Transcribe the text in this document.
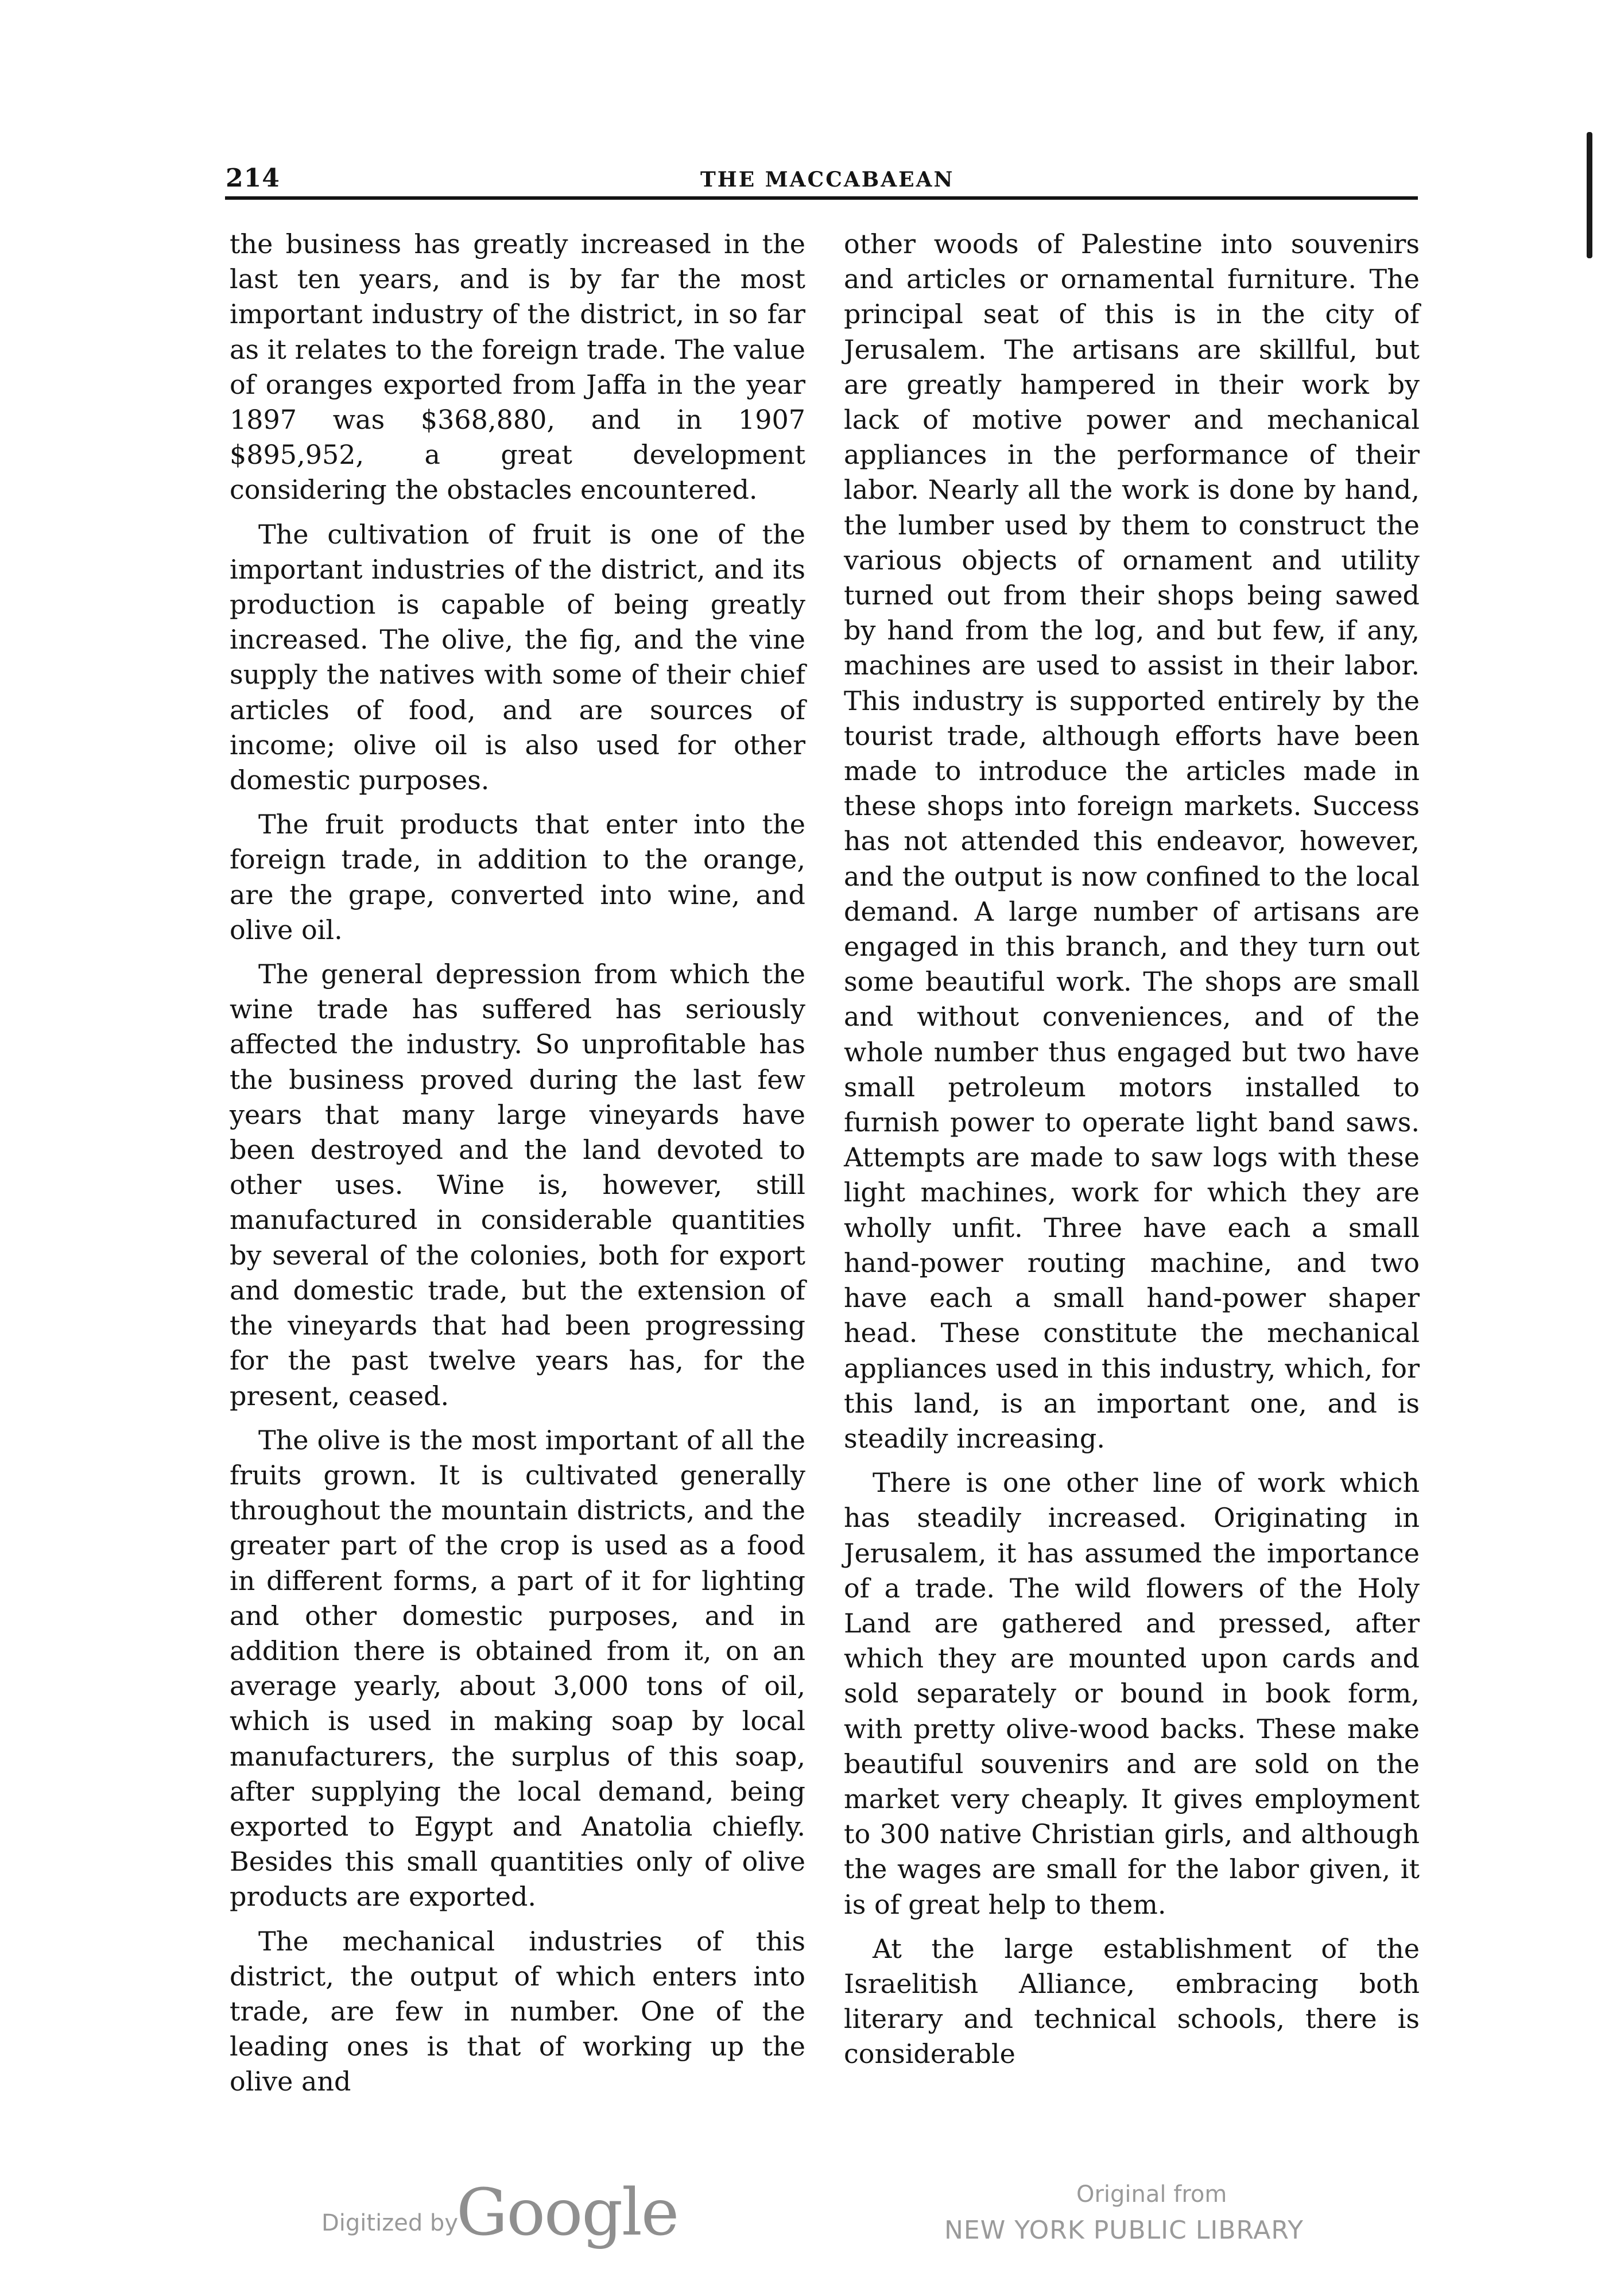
214	THE MACCABAEAN

the business has greatly increased in the last ten years, and is by far the most important industry of the district, in so far as it relates to the foreign trade. The value of oranges exported from Jaffa in the year 1897 was $368,880, and in 1907 $895,952, a great development considering the obstacles encountered.

The cultivation of fruit is one of the important industries of the district, and its production is capable of being greatly increased. The olive, the fig, and the vine supply the natives with some of their chief articles of food, and are sources of income; olive oil is also used for other domestic purposes.

The fruit products that enter into the foreign trade, in addition to the orange, are the grape, converted into wine, and olive oil.

The general depression from which the wine trade has suffered has seriously affected the industry. So unprofitable has the business proved during the last few years that many large vineyards have been destroyed and the land devoted to other uses. Wine is, however, still manufactured in considerable quantities by several of the colonies, both for export and domestic trade, but the extension of the vineyards that had been progressing for the past twelve years has, for the present, ceased.

The olive is the most important of all the fruits grown. It is cultivated generally throughout the mountain districts, and the greater part of the crop is used as a food in different forms, a part of it for lighting and other domestic purposes, and in addition there is obtained from it, on an average yearly, about 3,000 tons of oil, which is used in making soap by local manufacturers, the surplus of this soap, after supplying the local demand, being exported to Egypt and Anatolia chiefly. Besides this small quantities only of olive products are exported.

The mechanical industries of this district, the output of which enters into trade, are few in number. One of the leading ones is that of working up the olive and

other woods of Palestine into souvenirs and articles or ornamental furniture. The principal seat of this is in the city of Jerusalem. The artisans are skillful, but are greatly hampered in their work by lack of motive power and mechanical appliances in the performance of their labor. Nearly all the work is done by hand, the lumber used by them to construct the various objects of ornament and utility turned out from their shops being sawed by hand from the log, and but few, if any, machines are used to assist in their labor. This industry is supported entirely by the tourist trade, although efforts have been made to introduce the articles made in these shops into foreign markets. Success has not attended this endeavor, however, and the output is now confined to the local demand. A large number of artisans are engaged in this branch, and they turn out some beautiful work. The shops are small and without conveniences, and of the whole number thus engaged but two have small petroleum motors installed to furnish power to operate light band saws. Attempts are made to saw logs with these light machines, work for which they are wholly unfit. Three have each a small hand-power routing machine, and two have each a small hand-power shaper head. These constitute the mechanical appliances used in this industry, which, for this land, is an important one, and is steadily increasing.

There is one other line of work which has steadily increased. Originating in Jerusalem, it has assumed the importance of a trade. The wild flowers of the Holy Land are gathered and pressed, after which they are mounted upon cards and sold separately or bound in book form, with pretty olive-wood backs. These make beautiful souvenirs and are sold on the market very cheaply. It gives employment to 300 native Christian girls, and although the wages are small for the labor given, it is of great help to them.

At the large establishment of the Israelitish Alliance, embracing both literary and technical schools, there is considerable

Digitized by
Google	Original from
NEW YORK PUBLIC LIBRARY
